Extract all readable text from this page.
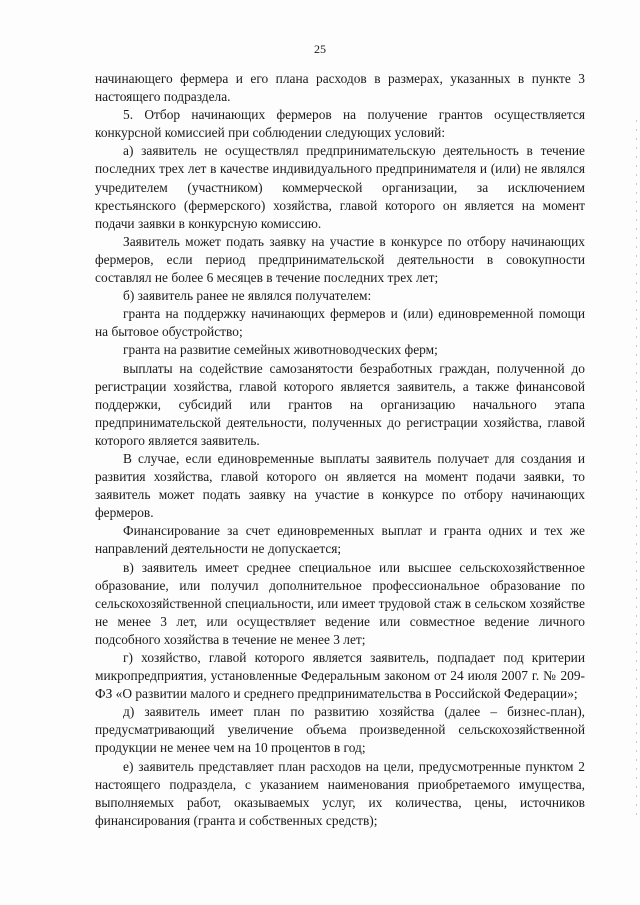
25

начинающего фермера и его плана расходов в размерах, указанных в пункте 3 настоящего подраздела.

5. Отбор начинающих фермеров на получение грантов осуществляется конкурсной комиссией при соблюдении следующих условий:

а) заявитель не осуществлял предпринимательскую деятельность в течение последних трех лет в качестве индивидуального предпринимателя и (или) не являлся учредителем (участником) коммерческой организации, за исключением крестьянского (фермерского) хозяйства, главой которого он является на момент подачи заявки в конкурсную комиссию.

Заявитель может подать заявку на участие в конкурсе по отбору начинающих фермеров, если период предпринимательской деятельности в совокупности составлял не более 6 месяцев в течение последних трех лет;

б) заявитель ранее не являлся получателем:

гранта на поддержку начинающих фермеров и (или) единовременной помощи на бытовое обустройство;

гранта на развитие семейных животноводческих ферм;

выплаты на содействие самозанятости безработных граждан, полученной до регистрации хозяйства, главой которого является заявитель, а также финансовой поддержки, субсидий или грантов на организацию начального этапа предпринимательской деятельности, полученных до регистрации хозяйства, главой которого является заявитель.

В случае, если единовременные выплаты заявитель получает для создания и развития хозяйства, главой которого он является на момент подачи заявки, то заявитель может подать заявку на участие в конкурсе по отбору начинающих фермеров.

Финансирование за счет единовременных выплат и гранта одних и тех же направлений деятельности не допускается;

в) заявитель имеет среднее специальное или высшее сельскохозяйственное образование, или получил дополнительное профессиональное образование по сельскохозяйственной специальности, или имеет трудовой стаж в сельском хозяйстве не менее 3 лет, или осуществляет ведение или совместное ведение личного подсобного хозяйства в течение не менее 3 лет;

г) хозяйство, главой которого является заявитель, подпадает под критерии микропредприятия, установленные Федеральным законом от 24 июля 2007 г. № 209-ФЗ «О развитии малого и среднего предпринимательства в Российской Федерации»;

д) заявитель имеет план по развитию хозяйства (далее – бизнес-план), предусматривающий увеличение объема произведенной сельскохозяйственной продукции не менее чем на 10 процентов в год;

е) заявитель представляет план расходов на цели, предусмотренные пунктом 2 настоящего подраздела, с указанием наименования приобретаемого имущества, выполняемых работ, оказываемых услуг, их количества, цены, источников финансирования (гранта и собственных средств);
